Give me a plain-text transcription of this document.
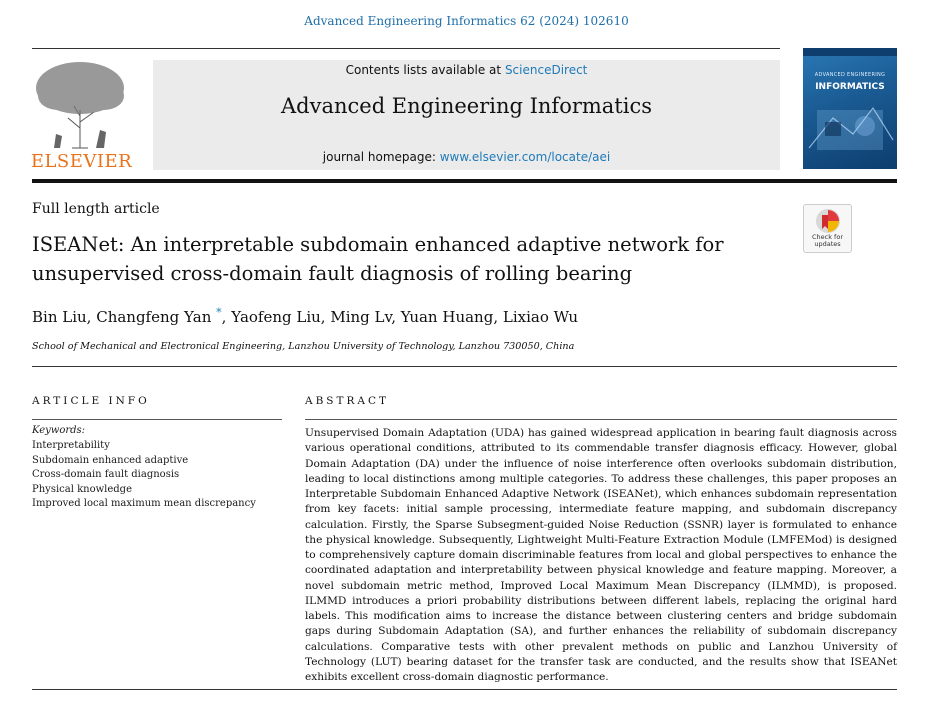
Advanced Engineering Informatics 62 (2024) 102610
ELSEVIER
Contents lists available at ScienceDirect
Advanced Engineering Informatics
journal homepage: www.elsevier.com/locate/aei
ADVANCED ENGINEERING
INFORMATICS
Full length article
ISEANet: An interpretable subdomain enhanced adaptive network for unsupervised cross-domain fault diagnosis of rolling bearing
Bin Liu, Changfeng Yan *, Yaofeng Liu, Ming Lv, Yuan Huang, Lixiao Wu
School of Mechanical and Electronical Engineering, Lanzhou University of Technology, Lanzhou 730050, China
Check for
updates
ARTICLE INFO
Keywords:
Interpretability
Subdomain enhanced adaptive
Cross-domain fault diagnosis
Physical knowledge
Improved local maximum mean discrepancy
ABSTRACT

Unsupervised Domain Adaptation (UDA) has gained widespread application in bearing fault diagnosis across various operational conditions, attributed to its commendable transfer diagnosis efficacy. However, global Domain Adaptation (DA) under the influence of noise interference often overlooks subdomain distribution, leading to local distinctions among multiple categories. To address these challenges, this paper proposes an Interpretable Subdomain Enhanced Adaptive Network (ISEANet), which enhances subdomain representation from key facets: initial sample processing, intermediate feature mapping, and subdomain discrepancy calculation. Firstly, the Sparse Subsegment-guided Noise Reduction (SSNR) layer is formulated to enhance the physical knowledge. Subsequently, Lightweight Multi-Feature Extraction Module (LMFEMod) is designed to comprehensively capture domain discriminable features from local and global perspectives to enhance the coordinated adaptation and interpretability between physical knowledge and feature mapping. Moreover, a novel subdomain metric method, Improved Local Maximum Mean Discrepancy (ILMMD), is proposed. ILMMD introduces a priori probability distributions between different labels, replacing the original hard labels. This modification aims to increase the distance between clustering centers and bridge subdomain gaps during Subdomain Adaptation (SA), and further enhances the reliability of subdomain discrepancy calculations. Comparative tests with other prevalent methods on public and Lanzhou University of Technology (LUT) bearing dataset for the transfer task are conducted, and the results show that ISEANet exhibits excellent cross-domain diagnostic performance.
